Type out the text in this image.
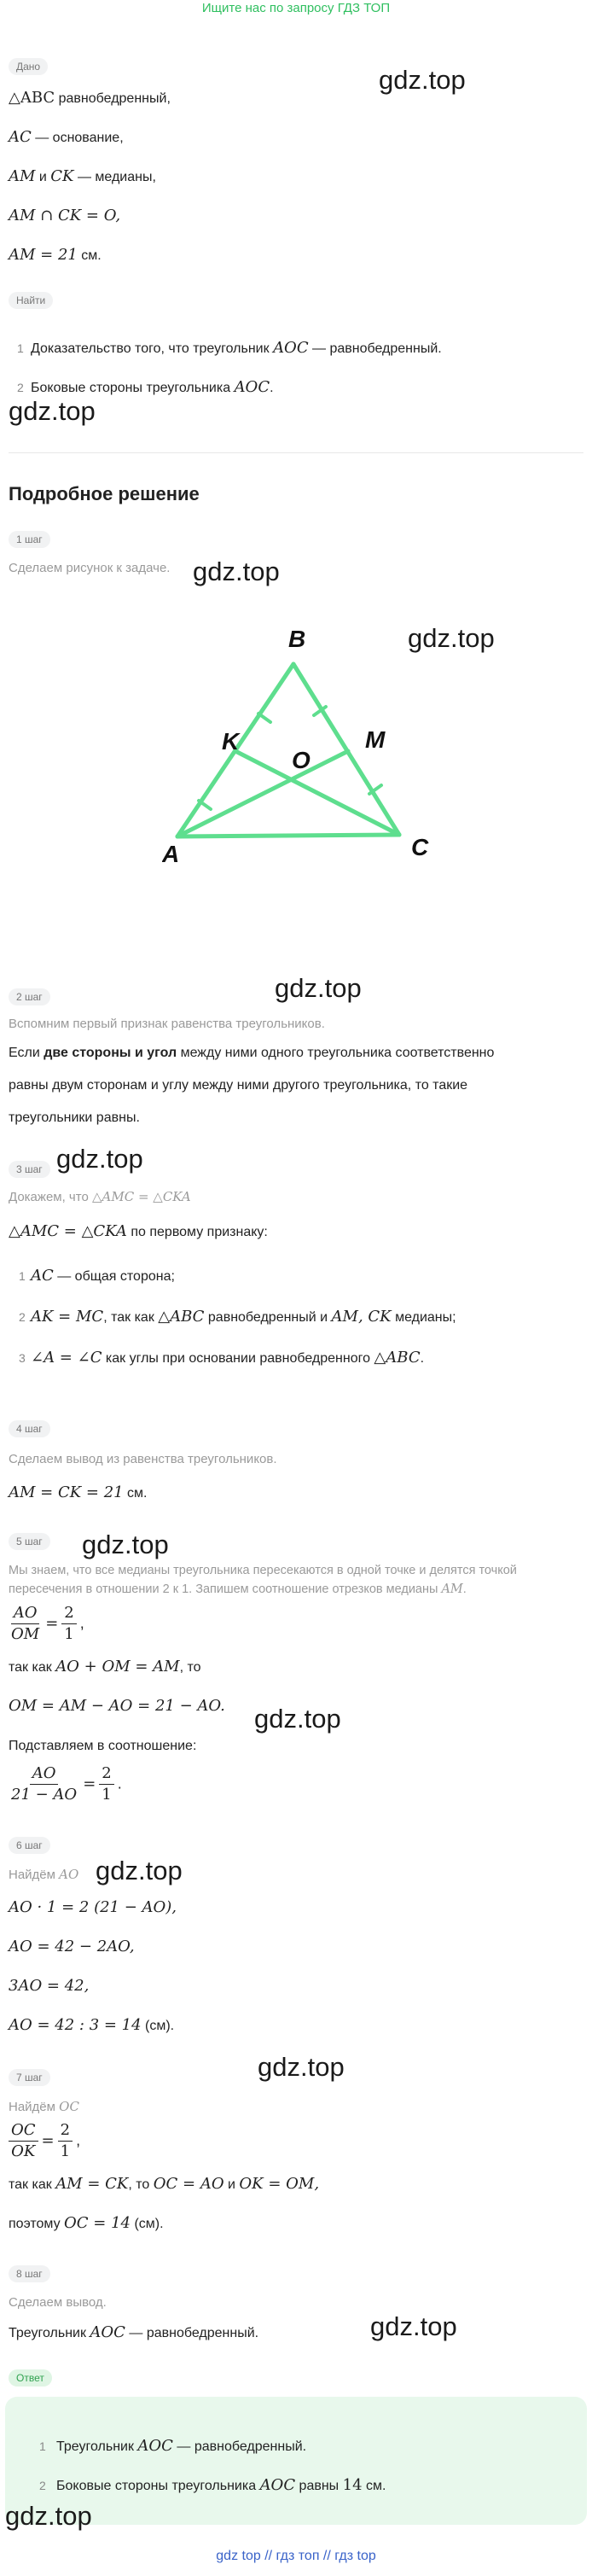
Ищите нас по запросу ГДЗ ТОП
Дано	gdz.top
△ABC равнобедренный,
AC — основание,
AM и CK — медианы,
AM ∩ CK = O,
AM = 21 см.
Найти
1 Доказательство того, что треугольник AOC — равнобедренный.
2 Боковые стороны треугольника AOC.
gdz.top
Подробное решение
1 шаг
Сделаем рисунок к задаче. gdz.top
gdz.top
B
K
O
M
A	C
gdz.top
2 шаг
Вспомним первый признак равенства треугольников.
Если две стороны и угол между ними одного треугольника соответственно
равны двум сторонам и углу между ними другого треугольника, то такие
треугольники равны.
gdz.top
3 шаг
Докажем, что △AMC = △CKA
△AMC = △CKA по первому признаку:
1 AC — общая сторона;
2 AK = MC, так как △ABC равнобедренный и AM, CK медианы;
3 ∠A = ∠C как углы при основании равнобедренного △ABC.
4 шаг
Сделаем вывод из равенства треугольников.
AM = CK = 21 см.
5 шаг gdz.top
Мы знаем, что все медианы треугольника пересекаются в одной точке и делятся точкой
пересечения в отношении 2 к 1. Запишем соотношение отрезков медианы AM.
$\frac{AO}{OM} = \frac{2}{1}$ ,
так как AO + OM = AM, то
OM = AM − AO = 21 − AO.	gdz.top
Подставляем в соотношение:
$\frac{AO}{21 - AO} = \frac{2}{1}$ .
6 шаг
Найдём AO gdz.top
AO · 1 = 2 (21 − AO),
AO = 42 − 2AO,
3AO = 42,
AO = 42 : 3 = 14 (см).
gdz.top
7 шаг
Найдём OC
$\frac{OC}{OK} = \frac{2}{1}$ ,
так как AM = CK, то OC = AO и OK = OM,
поэтому OC = 14 (см).
8 шаг
Сделаем вывод.
gdz.top
Треугольник AOC — равнобедренный.
Ответ
1 Треугольник AOC — равнобедренный.
2 Боковые стороны треугольника AOC равны 14 см.
gdz.top
gdz top // гдз топ // гдз top
